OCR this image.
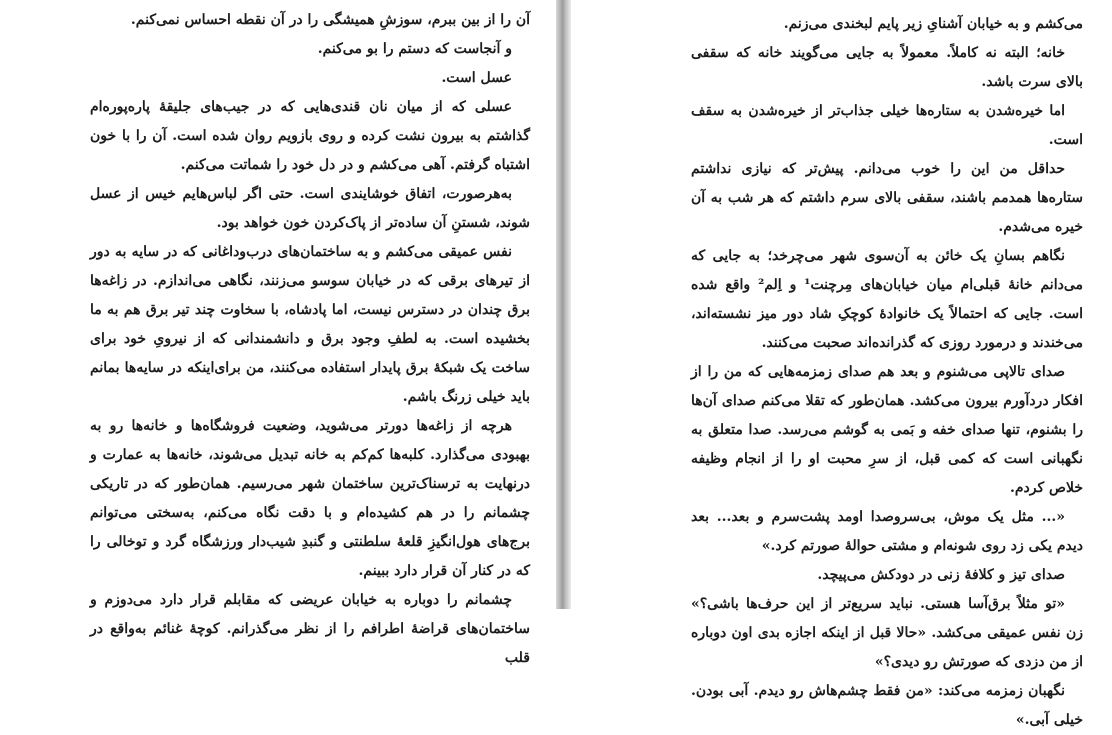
آن را از بین ببرم، سوزشِ همیشگی را در آن نقطه احساس نمی‌کنم.

و آنجاست که دستم را بو می‌کنم.

عسل است.

عسلی که از میان نان قندی‌هایی که در جیب‌های جلیقهٔ پاره‌پوره‌ام گذاشتم به بیرون نشت کرده و روی بازویم روان شده است. آن را با خون اشتباه گرفتم. آهی می‌کشم و در دل خود را شماتت می‌کنم.

به‌هرصورت، اتفاق خوشایندی است. حتی اگر لباس‌هایم خیس از عسل شوند، شستنِ آن ساده‌تر از پاک‌کردن خون خواهد بود.

نفس عمیقی می‌کشم و به ساختمان‌های درب‌وداغانی که در سایه به دور از تیرهای برقی که در خیابان سوسو می‌زنند، نگاهی می‌اندازم. در زاغه‌ها برق چندان در دسترس نیست، اما پادشاه، با سخاوت چند تیر برق هم به ما بخشیده است. به لطفِ وجود برق و دانشمندانی که از نیرویِ خود برای ساخت یک شبکهٔ برق پایدار استفاده می‌کنند، من برای‌اینکه در سایه‌ها بمانم باید خیلی زرنگ باشم.

هرچه از زاغه‌ها دورتر می‌شوید، وضعیت فروشگاه‌ها و خانه‌ها رو به بهبودی می‌گذارد. کلبه‌ها کم‌کم به خانه تبدیل می‌شوند، خانه‌ها به عمارت و درنهایت به ترسناک‌ترین ساختمان شهر می‌رسیم. همان‌طور که در تاریکی چشمانم را در هم کشیده‌ام و با دقت نگاه می‌کنم، به‌سختی می‌توانم برج‌های هول‌انگیزِ قلعهٔ سلطنتی و گنبدِ شیب‌دار ورزشگاه گرد و توخالی را که در کنار آن قرار دارد ببینم.

چشمانم را دوباره به خیابان عریضی که مقابلم قرار دارد می‌دوزم و ساختمان‌های قراضهٔ اطرافم را از نظر می‌گذرانم. کوچهٔ غنائم به‌واقع در قلب

می‌کشم و به خیابان آشنایِ زیر پایم لبخندی می‌زنم.

خانه؛ البته نه کاملاً. معمولاً به جایی می‌گویند خانه که سقفی بالای سرت باشد.

اما خیره‌شدن به ستاره‌ها خیلی جذاب‌تر از خیره‌شدن به سقف است.

حداقل من این را خوب می‌دانم. پیش‌تر که نیازی نداشتم ستاره‌ها همدمم باشند، سقفی بالای سرم داشتم که هر شب به آن خیره می‌شدم.

نگاهم بسانِ یک خائن به آن‌سوی شهر می‌چرخد؛ به جایی که می‌دانم خانهٔ قبلی‌ام میان خیابان‌های مِرچنت¹ و اِلم² واقع شده است. جایی که احتمالاً یک خانوادهٔ کوچکِ شاد دور میز نشسته‌اند، می‌خندند و درمورد روزی که گذرانده‌اند صحبت می‌کنند.

صدای تالاپی می‌شنوم و بعد هم صدای زمزمه‌هایی که من را از افکار دردآورم بیرون می‌کشد. همان‌طور که تقلا می‌کنم صدای آن‌ها را بشنوم، تنها صدای خفه و بَمی به گوشم می‌رسد. صدا متعلق به نگهبانی است که کمی قبل، از سرِ محبت او را از انجام وظیفه خلاص کردم.

«... مثل یک موش، بی‌سروصدا اومد پشت‌سرم و بعد... بعد دیدم یکی زد روی شونه‌ام و مشتی حوالهٔ صورتم کرد.»

صدای تیز و کلافهٔ زنی در دودکش می‌پیچد.

«تو مثلاً برق‌آسا هستی. نباید سریع‌تر از این حرف‌ها باشی؟» زن نفس عمیقی می‌کشد. «حالا قبل از اینکه اجازه بدی اون دوباره از من دزدی که صورتش رو دیدی؟»

نگهبان زمزمه می‌کند: «من فقط چشم‌هاش رو دیدم. آبی بودن. خیلی آبی.»
